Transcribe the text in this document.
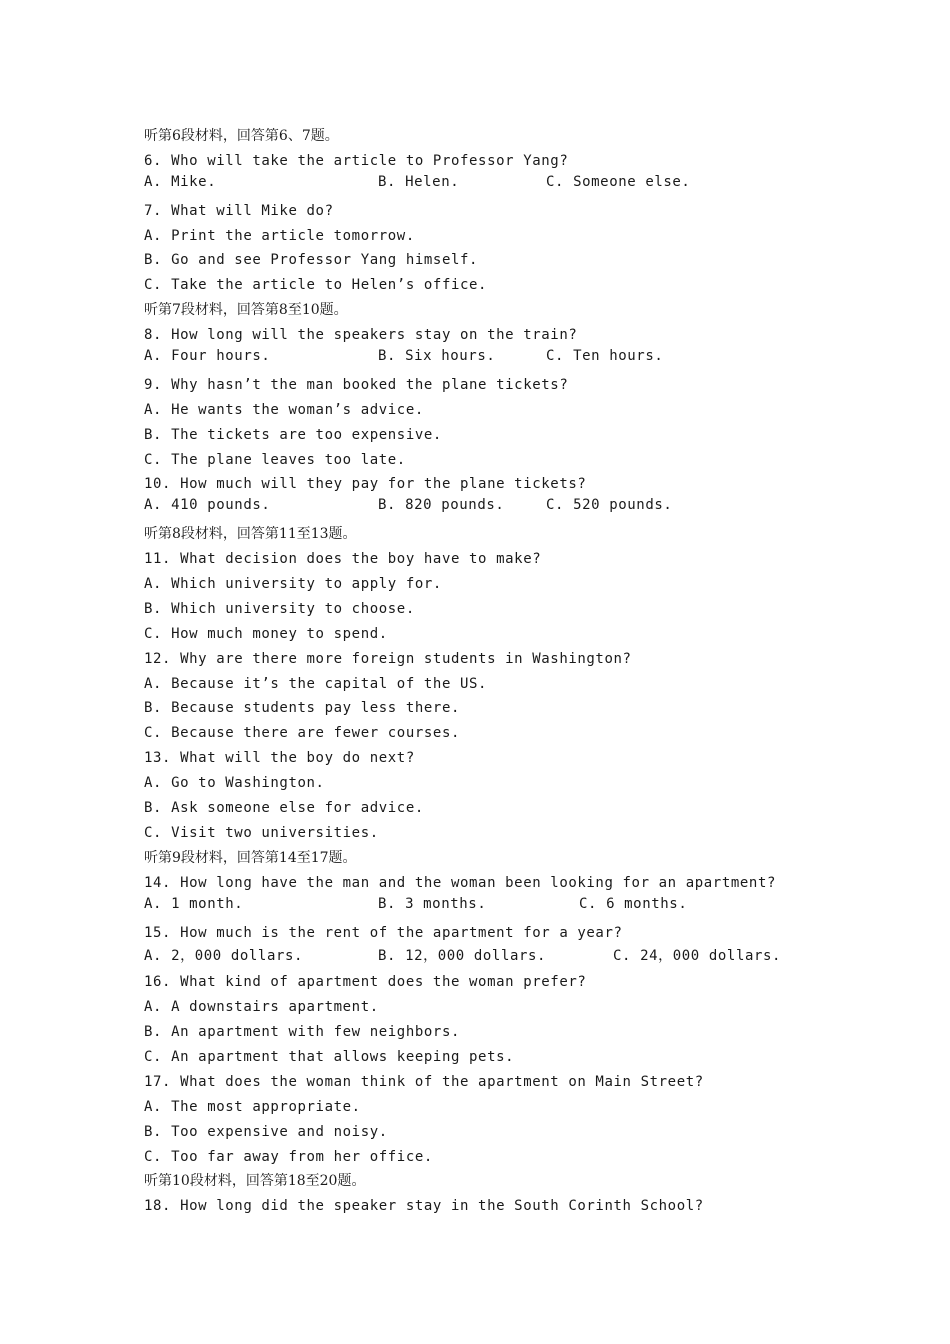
听第6段材料，回答第6、7题。
6. Who will take the article to Professor Yang?
A. Mike.	B. Helen.	C. Someone else.
7. What will Mike do?
A. Print the article tomorrow.
B. Go and see Professor Yang himself.
C. Take the article to Helen’s office.
听第7段材料，回答第8至10题。
8. How long will the speakers stay on the train?
A. Four hours.	B. Six hours.	C. Ten hours.
9. Why hasn’t the man booked the plane tickets?
A. He wants the woman’s advice.
B. The tickets are too expensive.
C. The plane leaves too late.
10. How much will they pay for the plane tickets?
A. 410 pounds.	B. 820 pounds.	C. 520 pounds.
听第8段材料，回答第11至13题。
11. What decision does the boy have to make?
A. Which university to apply for.
B. Which university to choose.
C. How much money to spend.
12. Why are there more foreign students in Washington?
A. Because it’s the capital of the US.
B. Because students pay less there.
C. Because there are fewer courses.
13. What will the boy do next?
A. Go to Washington.
B. Ask someone else for advice.
C. Visit two universities.
听第9段材料，回答第14至17题。
14. How long have the man and the woman been looking for an apartment?
A. 1 month.	B. 3 months.	C. 6 months.
15. How much is the rent of the apartment for a year?
A. 2，000 dollars.	B. 12，000 dollars.	C. 24，000 dollars.
16. What kind of apartment does the woman prefer?
A. A downstairs apartment.
B. An apartment with few neighbors.
C. An apartment that allows keeping pets.
17. What does the woman think of the apartment on Main Street?
A. The most appropriate.
B. Too expensive and noisy.
C. Too far away from her office.
听第10段材料，回答第18至20题。
18. How long did the speaker stay in the South Corinth School?
